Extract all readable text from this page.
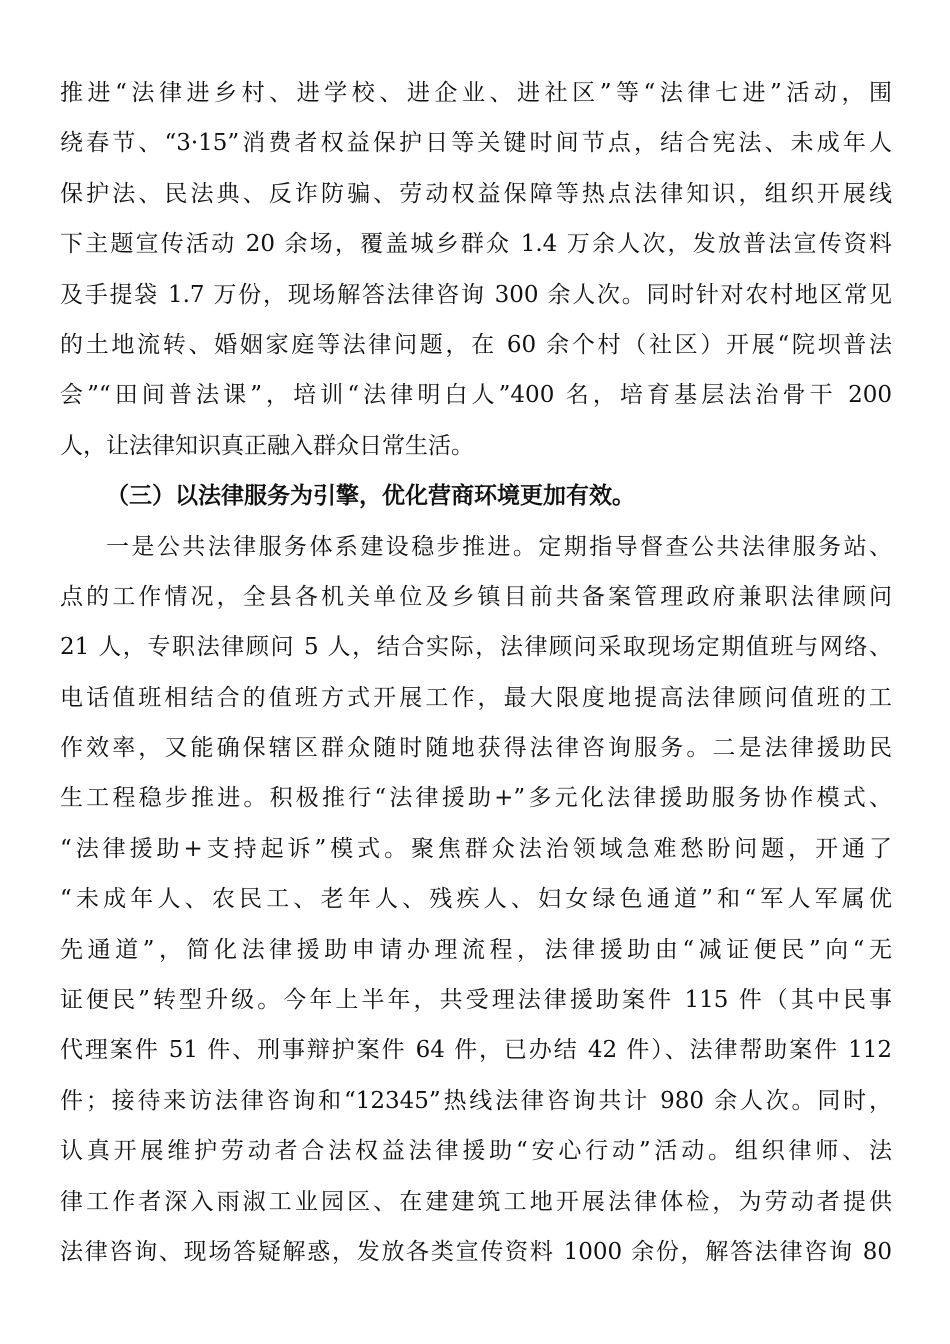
推进“法律进乡村、进学校、进企业、进社区”等“法律七进”活动，围
绕春节、“3·15”消费者权益保护日等关键时间节点，结合宪法、未成年人
保护法、民法典、反诈防骗、劳动权益保障等热点法律知识，组织开展线
下主题宣传活动 20 余场，覆盖城乡群众 1.4 万余人次，发放普法宣传资料
及手提袋 1.7 万份，现场解答法律咨询 300 余人次。同时针对农村地区常见
的土地流转、婚姻家庭等法律问题，在 60 余个村（社区）开展“院坝普法
会”“田间普法课”，培训“法律明白人”400 名，培育基层法治骨干 200
人，让法律知识真正融入群众日常生活。
（三）以法律服务为引擎，优化营商环境更加有效。
一是公共法律服务体系建设稳步推进。定期指导督查公共法律服务站、
点的工作情况，全县各机关单位及乡镇目前共备案管理政府兼职法律顾问
21 人，专职法律顾问 5 人，结合实际，法律顾问采取现场定期值班与网络、
电话值班相结合的值班方式开展工作，最大限度地提高法律顾问值班的工
作效率，又能确保辖区群众随时随地获得法律咨询服务。二是法律援助民
生工程稳步推进。积极推行“法律援助+”多元化法律援助服务协作模式、
“法律援助+支持起诉”模式。聚焦群众法治领域急难愁盼问题，开通了
“未成年人、农民工、老年人、残疾人、妇女绿色通道”和“军人军属优
先通道”，简化法律援助申请办理流程，法律援助由“减证便民”向“无
证便民”转型升级。今年上半年，共受理法律援助案件 115 件（其中民事
代理案件 51 件、刑事辩护案件 64 件，已办结 42 件）、法律帮助案件 112
件；接待来访法律咨询和“12345”热线法律咨询共计 980 余人次。同时，
认真开展维护劳动者合法权益法律援助“安心行动”活动。组织律师、法
律工作者深入雨淑工业园区、在建建筑工地开展法律体检，为劳动者提供
法律咨询、现场答疑解惑，发放各类宣传资料 1000 余份，解答法律咨询 80
